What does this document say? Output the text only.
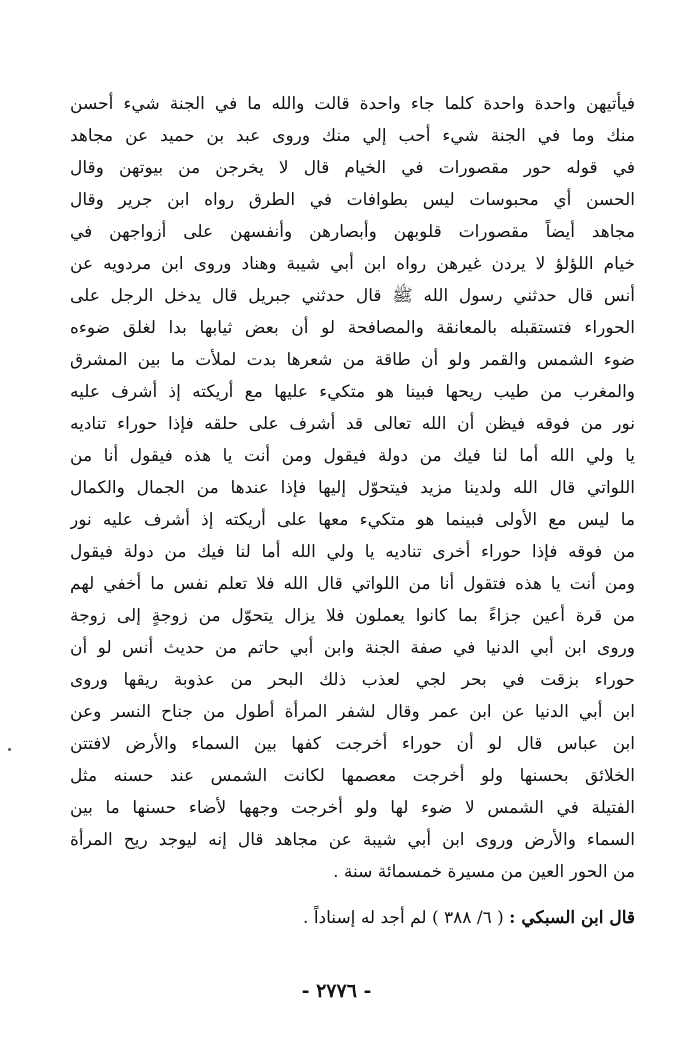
فيأتيهن واحدة واحدة كلما جاء واحدة قالت والله ما في الجنة شيء أحسن
منك وما في الجنة شيء أحب إلي منك وروى عبد بن حميد عن مجاهد
في قوله حور مقصورات في الخيام قال لا يخرجن من بيوتهن وقال
الحسن أي محبوسات ليس بطوافات في الطرق رواه ابن جرير وقال
مجاهد أيضاً مقصورات قلوبهن وأبصارهن وأنفسهن على أزواجهن في
خيام اللؤلؤ لا يردن غيرهن رواه ابن أبي شيبة وهناد وروى ابن مردويه عن
أنس قال حدثني رسول الله ﷺ قال حدثني جبريل قال يدخل الرجل على
الحوراء فتستقبله بالمعانقة والمصافحة لو أن بعض ثيابها بدا لغلق ضوءه
ضوء الشمس والقمر ولو أن طاقة من شعرها بدت لملأت ما بين المشرق
والمغرب من طيب ريحها فبينا هو متكيء عليها مع أريكته إذ أشرف عليه
نور من فوقه فيظن أن الله تعالى قد أشرف على حلقه فإذا حوراء تناديه
يا ولي الله أما لنا فيك من دولة فيقول ومن أنت يا هذه فيقول أنا من
اللواتي قال الله ولدينا مزيد فيتحوّل إليها فإذا عندها من الجمال والكمال
ما ليس مع الأولى فبينما هو متكيء معها على أريكته إذ أشرف عليه نور
من فوقه فإذا حوراء أخرى تناديه يا ولي الله أما لنا فيك من دولة فيقول
ومن أنت يا هذه فتقول أنا من اللواتي قال الله فلا تعلم نفس ما أخفي لهم
من قرة أعين جزاءً بما كانوا يعملون فلا يزال يتحوّل من زوجةٍ إلى زوجة
وروى ابن أبي الدنيا في صفة الجنة وابن أبي حاتم من حديث أنس لو أن
حوراء بزقت في بحر لجي لعذب ذلك البحر من عذوبة ريقها وروى
ابن أبي الدنيا عن ابن عمر وقال لشفر المرأة أطول من جناح النسر وعن
ابن عباس قال لو أن حوراء أخرجت كفها بين السماء والأرض لافتتن
الخلائق بحسنها ولو أخرجت معصمها لكانت الشمس عند حسنه مثل
الفتيلة في الشمس لا ضوء لها ولو أخرجت وجهها لأضاء حسنها ما بين
السماء والأرض وروى ابن أبي شيبة عن مجاهد قال إنه ليوجد ريح المرأة
من الحور العين من مسيرة خمسمائة سنة .
قال ابن السبكي : ( ٦/ ٣٨٨ ) لم أجد له إسناداً .
- ٢٧٧٦ -
